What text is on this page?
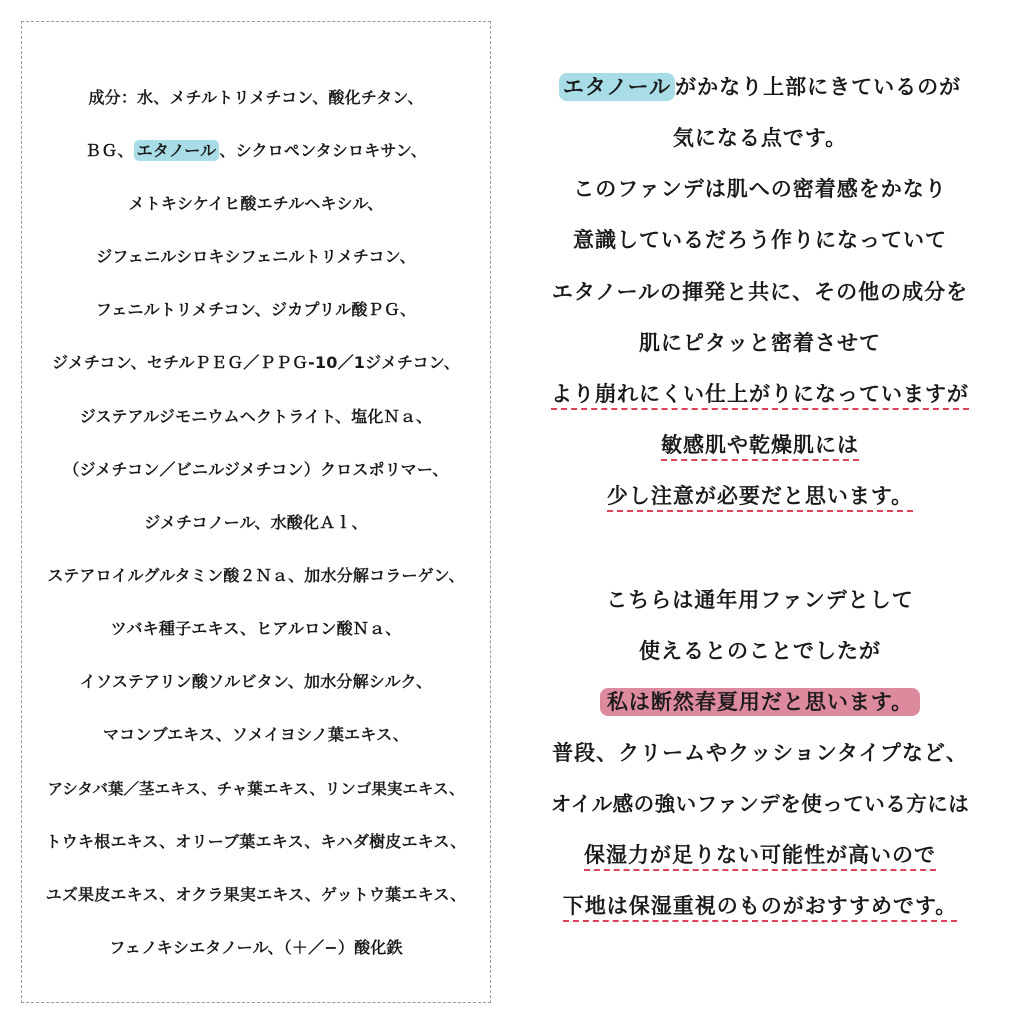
成分：水、メチルトリメチコン、酸化チタン、
ＢＧ、 エタノール 、シクロペンタシロキサン、
メトキシケイヒ酸エチルヘキシル、
ジフェニルシロキシフェニルトリメチコン、
フェニルトリメチコン、ジカプリル酸ＰＧ、
ジメチコン、セチルＰＥＧ／ＰＰＧ-10／1ジメチコン、
ジステアルジモニウムヘクトライト、塩化Ｎａ、
（ジメチコン／ビニルジメチコン）クロスポリマー、
ジメチコノール、水酸化Ａｌ、
ステアロイルグルタミン酸２Ｎａ、加水分解コラーゲン、
ツバキ種子エキス、ヒアルロン酸Ｎａ、
イソステアリン酸ソルビタン、加水分解シルク、
マコンブエキス、ソメイヨシノ葉エキス、
アシタバ葉／茎エキス、チャ葉エキス、リンゴ果実エキス、
トウキ根エキス、オリーブ葉エキス、キハダ樹皮エキス、
ユズ果皮エキス、オクラ果実エキス、ゲットウ葉エキス、
フェノキシエタノール、（＋／−）酸化鉄
エタノール がかなり上部にきているのが
気になる点です。
このファンデは肌への密着感をかなり
意識しているだろう作りになっていて
エタノールの揮発と共に、その他の成分を
肌にピタッと密着させて
より崩れにくい仕上がりになっていますが
敏感肌や乾燥肌には
少し注意が必要だと思います。
こちらは通年用ファンデとして
使えるとのことでしたが
私は断然春夏用だと思います。
普段、クリームやクッションタイプなど、
オイル感の強いファンデを使っている方には
保湿力が足りない可能性が高いので
下地は保湿重視のものがおすすめです。
